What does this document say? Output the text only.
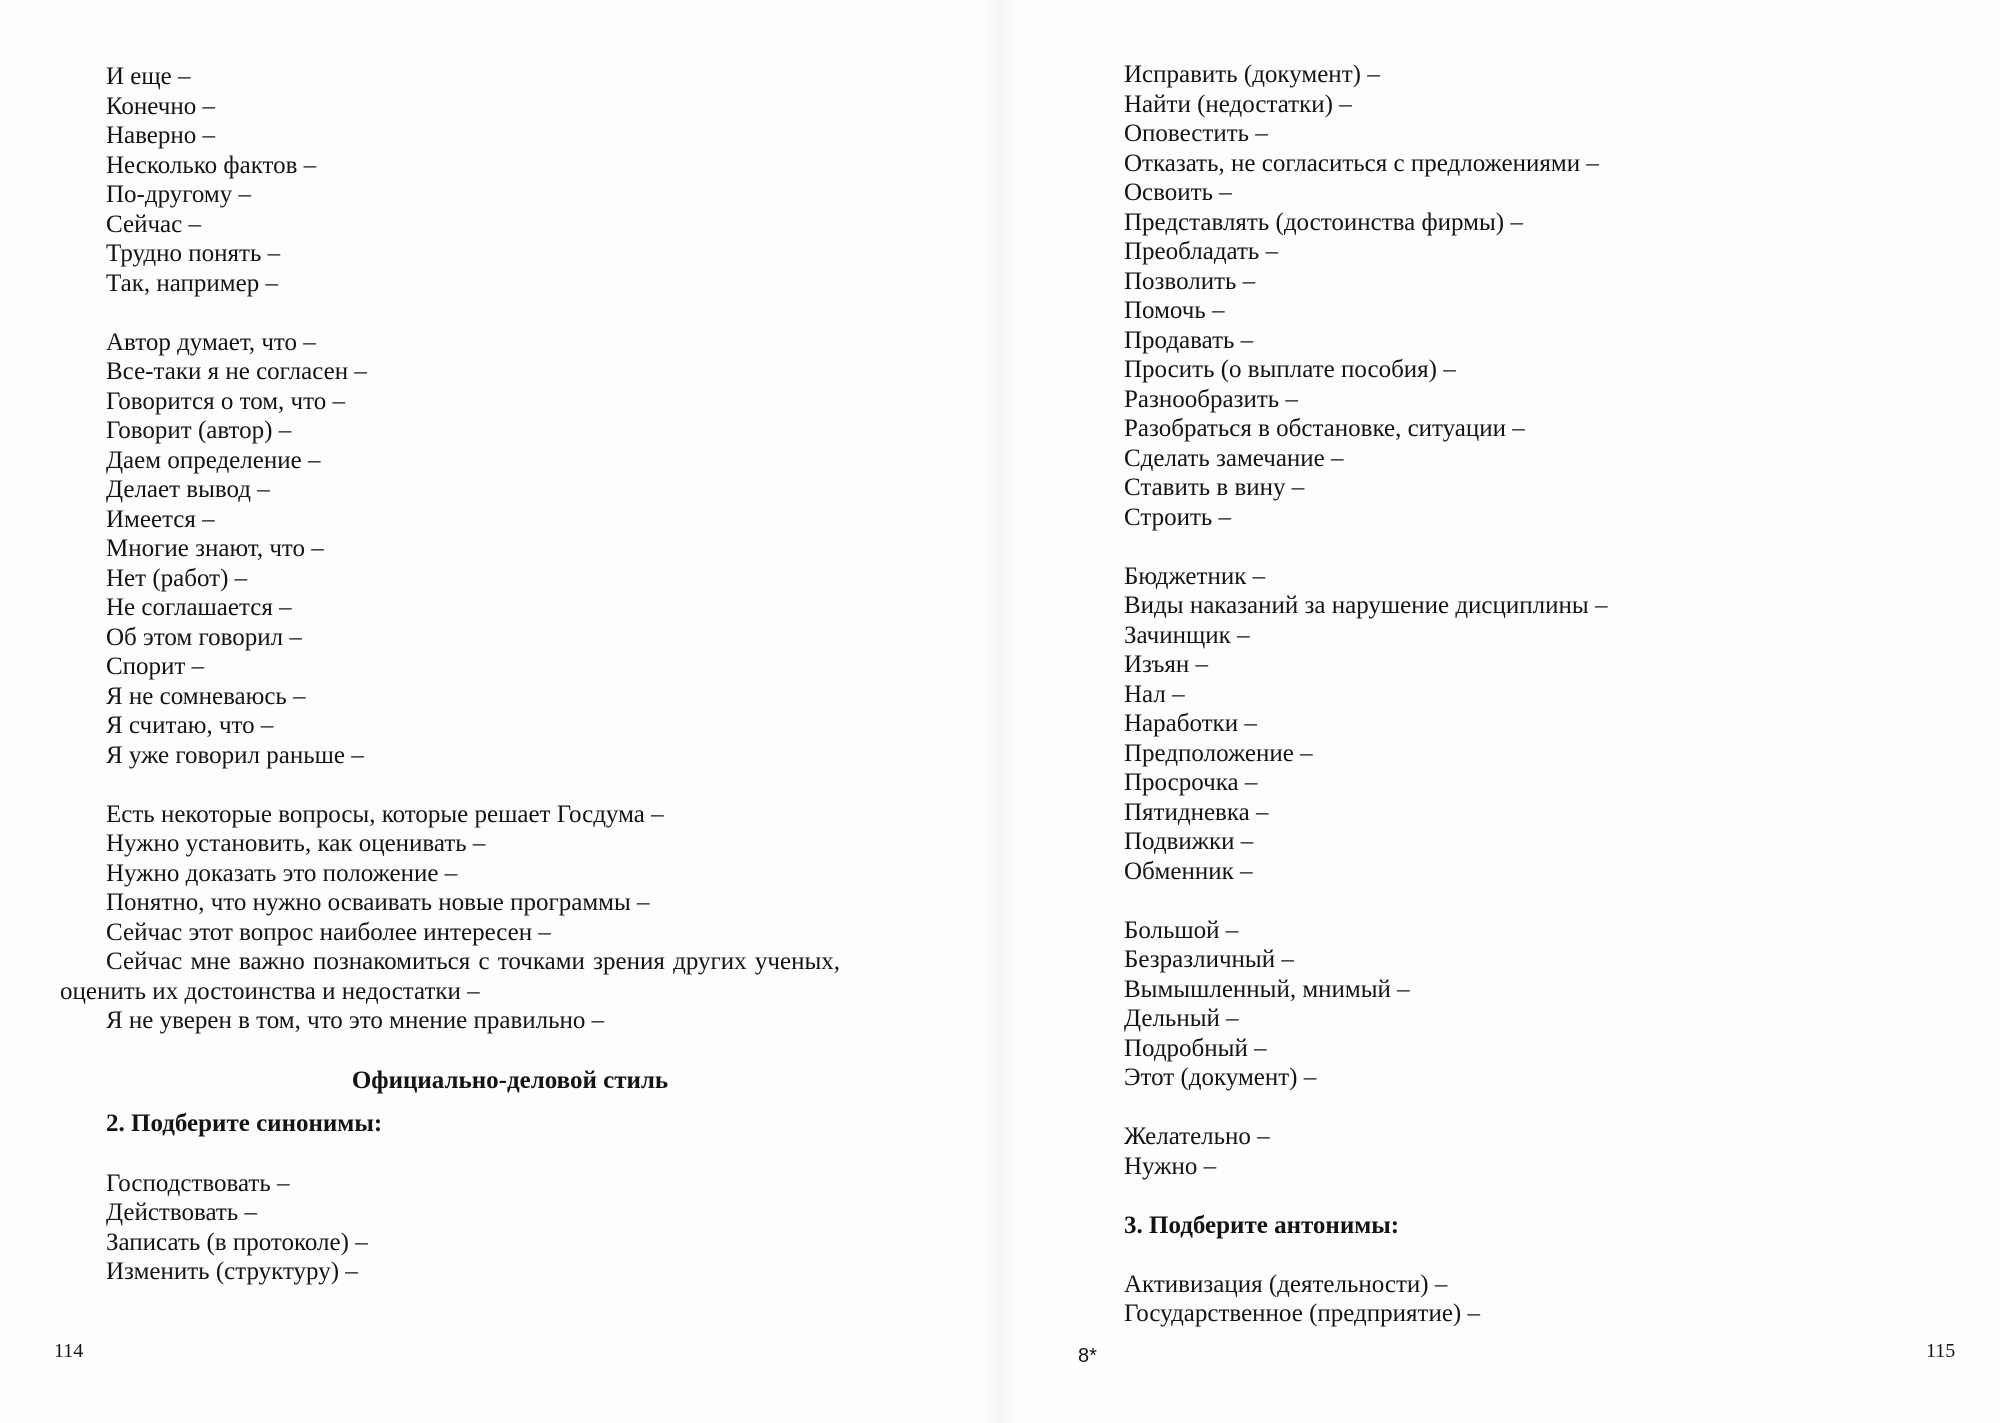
И еще –
Конечно –
Наверно –
Несколько фактов –
По-другому –
Сейчас –
Трудно понять –
Так, например –
Автор думает, что –
Все-таки я не согласен –
Говорится о том, что –
Говорит (автор) –
Даем определение –
Делает вывод –
Имеется –
Многие знают, что –
Нет (работ) –
Не соглашается –
Об этом говорил –
Спорит –
Я не сомневаюсь –
Я считаю, что –
Я уже говорил раньше –
Есть некоторые вопросы, которые решает Госдума –
Нужно установить, как оценивать –
Нужно доказать это положение –
Понятно, что нужно осваивать новые программы –
Сейчас этот вопрос наиболее интересен –
Сейчас мне важно познакомиться с точками зрения других ученых,
оценить их достоинства и недостатки –
Я не уверен в том, что это мнение правильно –
Официально-деловой стиль
2. Подберите синонимы:
Господствовать –
Действовать –
Записать (в протоколе) –
Изменить (структуру) –
114
Исправить (документ) –
Найти (недостатки) –
Оповестить –
Отказать, не согласиться с предложениями –
Освоить –
Представлять (достоинства фирмы) –
Преобладать –
Позволить –
Помочь –
Продавать –
Просить (о выплате пособия) –
Разнообразить –
Разобраться в обстановке, ситуации –
Сделать замечание –
Ставить в вину –
Строить –
Бюджетник –
Виды наказаний за нарушение дисциплины –
Зачинщик –
Изъян –
Нал –
Наработки –
Предположение –
Просрочка –
Пятидневка –
Подвижки –
Обменник –
Большой –
Безразличный –
Вымышленный, мнимый –
Дельный –
Подробный –
Этот (документ) –
Желательно –
Нужно –
3. Подберите антонимы:
Активизация (деятельности) –
Государственное (предприятие) –
115
8*
